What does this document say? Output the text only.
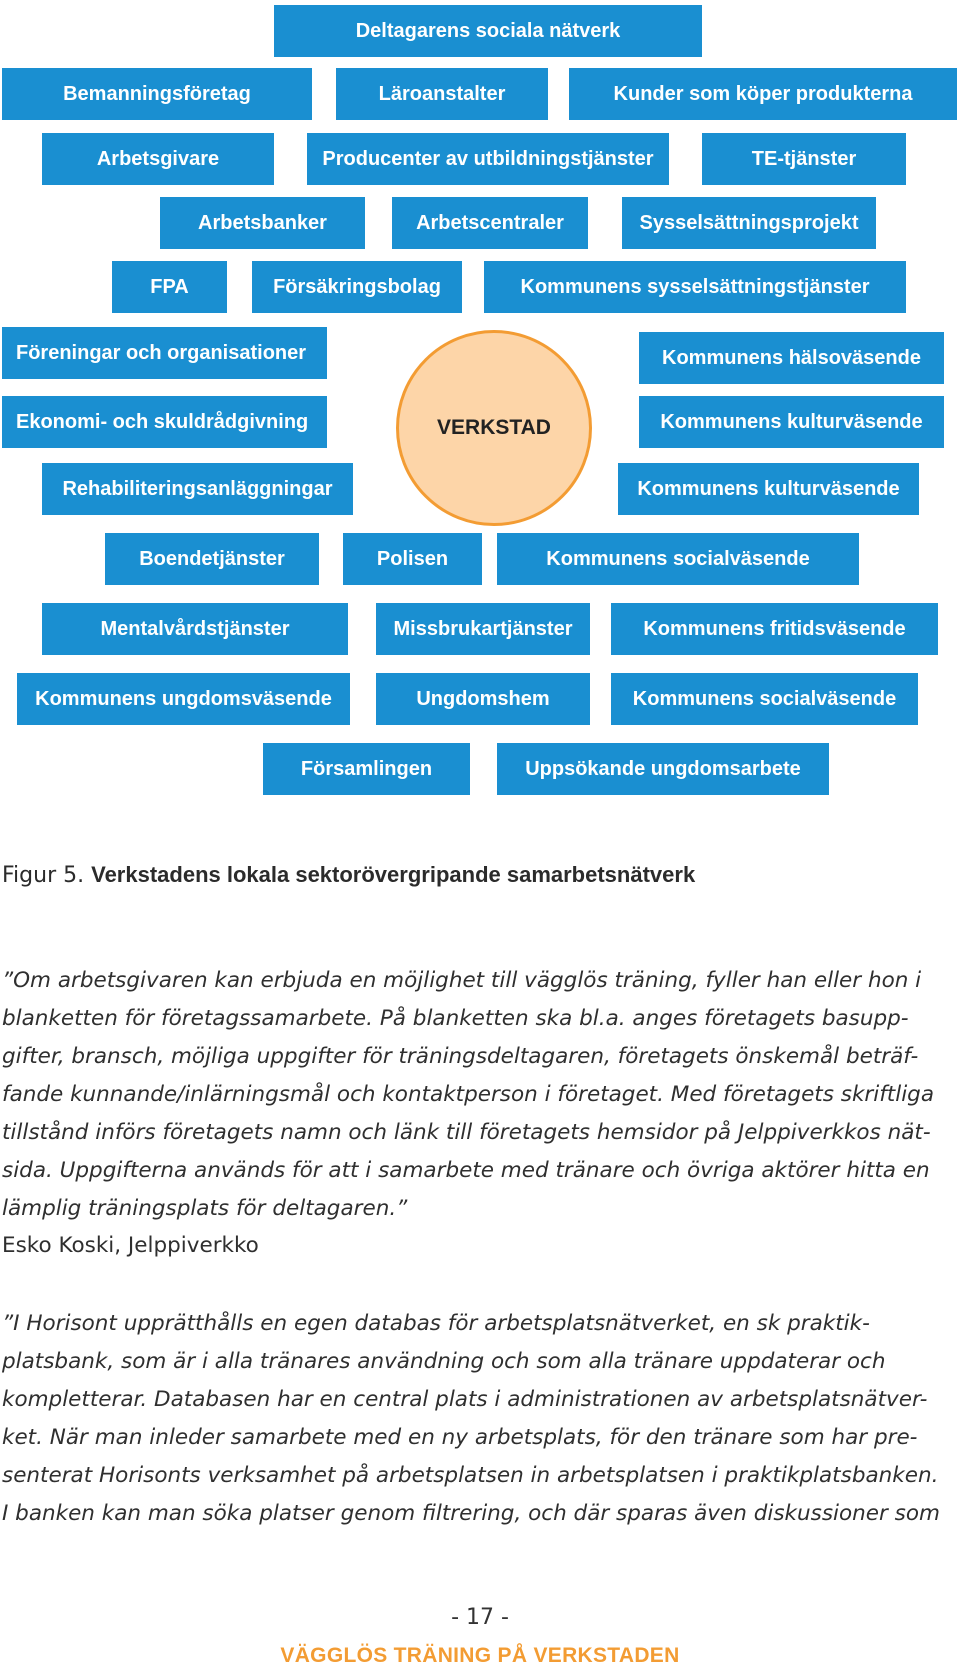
Deltagarens sociala nätverk
Bemanningsföretag	Läroanstalter	Kunder som köper produkterna
Arbetsgivare	Producenter av utbildningstjänster	TE-tjänster
Arbetsbanker	Arbetscentraler	Sysselsättningsprojekt
FPA	Försäkringsbolag	Kommunens sysselsättningstjänster
Föreningar och organisationer	Kommunens hälsoväsende
Ekonomi- och skuldrådgivning	Kommunens kulturväsende
Rehabiliteringsanläggningar	Kommunens kulturväsende
Boendetjänster	Polisen	Kommunens socialväsende
Mentalvårdstjänster	Missbrukartjänster	Kommunens fritidsväsende
Kommunens ungdomsväsende	Ungdomshem	Kommunens socialväsende
Församlingen	Uppsökande ungdomsarbete
VERKSTAD
Figur 5. Verkstadens lokala sektorövergripande samarbetsnätverk
”Om arbetsgivaren kan erbjuda en möjlighet till vägglös träning, fyller han eller hon i
blanketten för företagssamarbete. På blanketten ska bl.a. anges företagets basupp-
gifter, bransch, möjliga uppgifter för träningsdeltagaren, företagets önskemål beträf-
fande kunnande/inlärningsmål och kontaktperson i företaget. Med företagets skriftliga
tillstånd införs företagets namn och länk till företagets hemsidor på Jelppiverkkos nät-
sida. Uppgifterna används för att i samarbete med tränare och övriga aktörer hitta en
lämplig träningsplats för deltagaren.”
Esko Koski, Jelppiverkko
”I Horisont upprätthålls en egen databas för arbetsplatsnätverket, en sk praktik-
platsbank, som är i alla tränares användning och som alla tränare uppdaterar och
kompletterar. Databasen har en central plats i administrationen av arbetsplatsnätver-
ket. När man inleder samarbete med en ny arbetsplats, för den tränare som har pre-
senterat Horisonts verksamhet på arbetsplatsen in arbetsplatsen i praktikplatsbanken.
I banken kan man söka platser genom filtrering, och där sparas även diskussioner som
- 17 -
VÄGGLÖS TRÄNING PÅ VERKSTADEN
